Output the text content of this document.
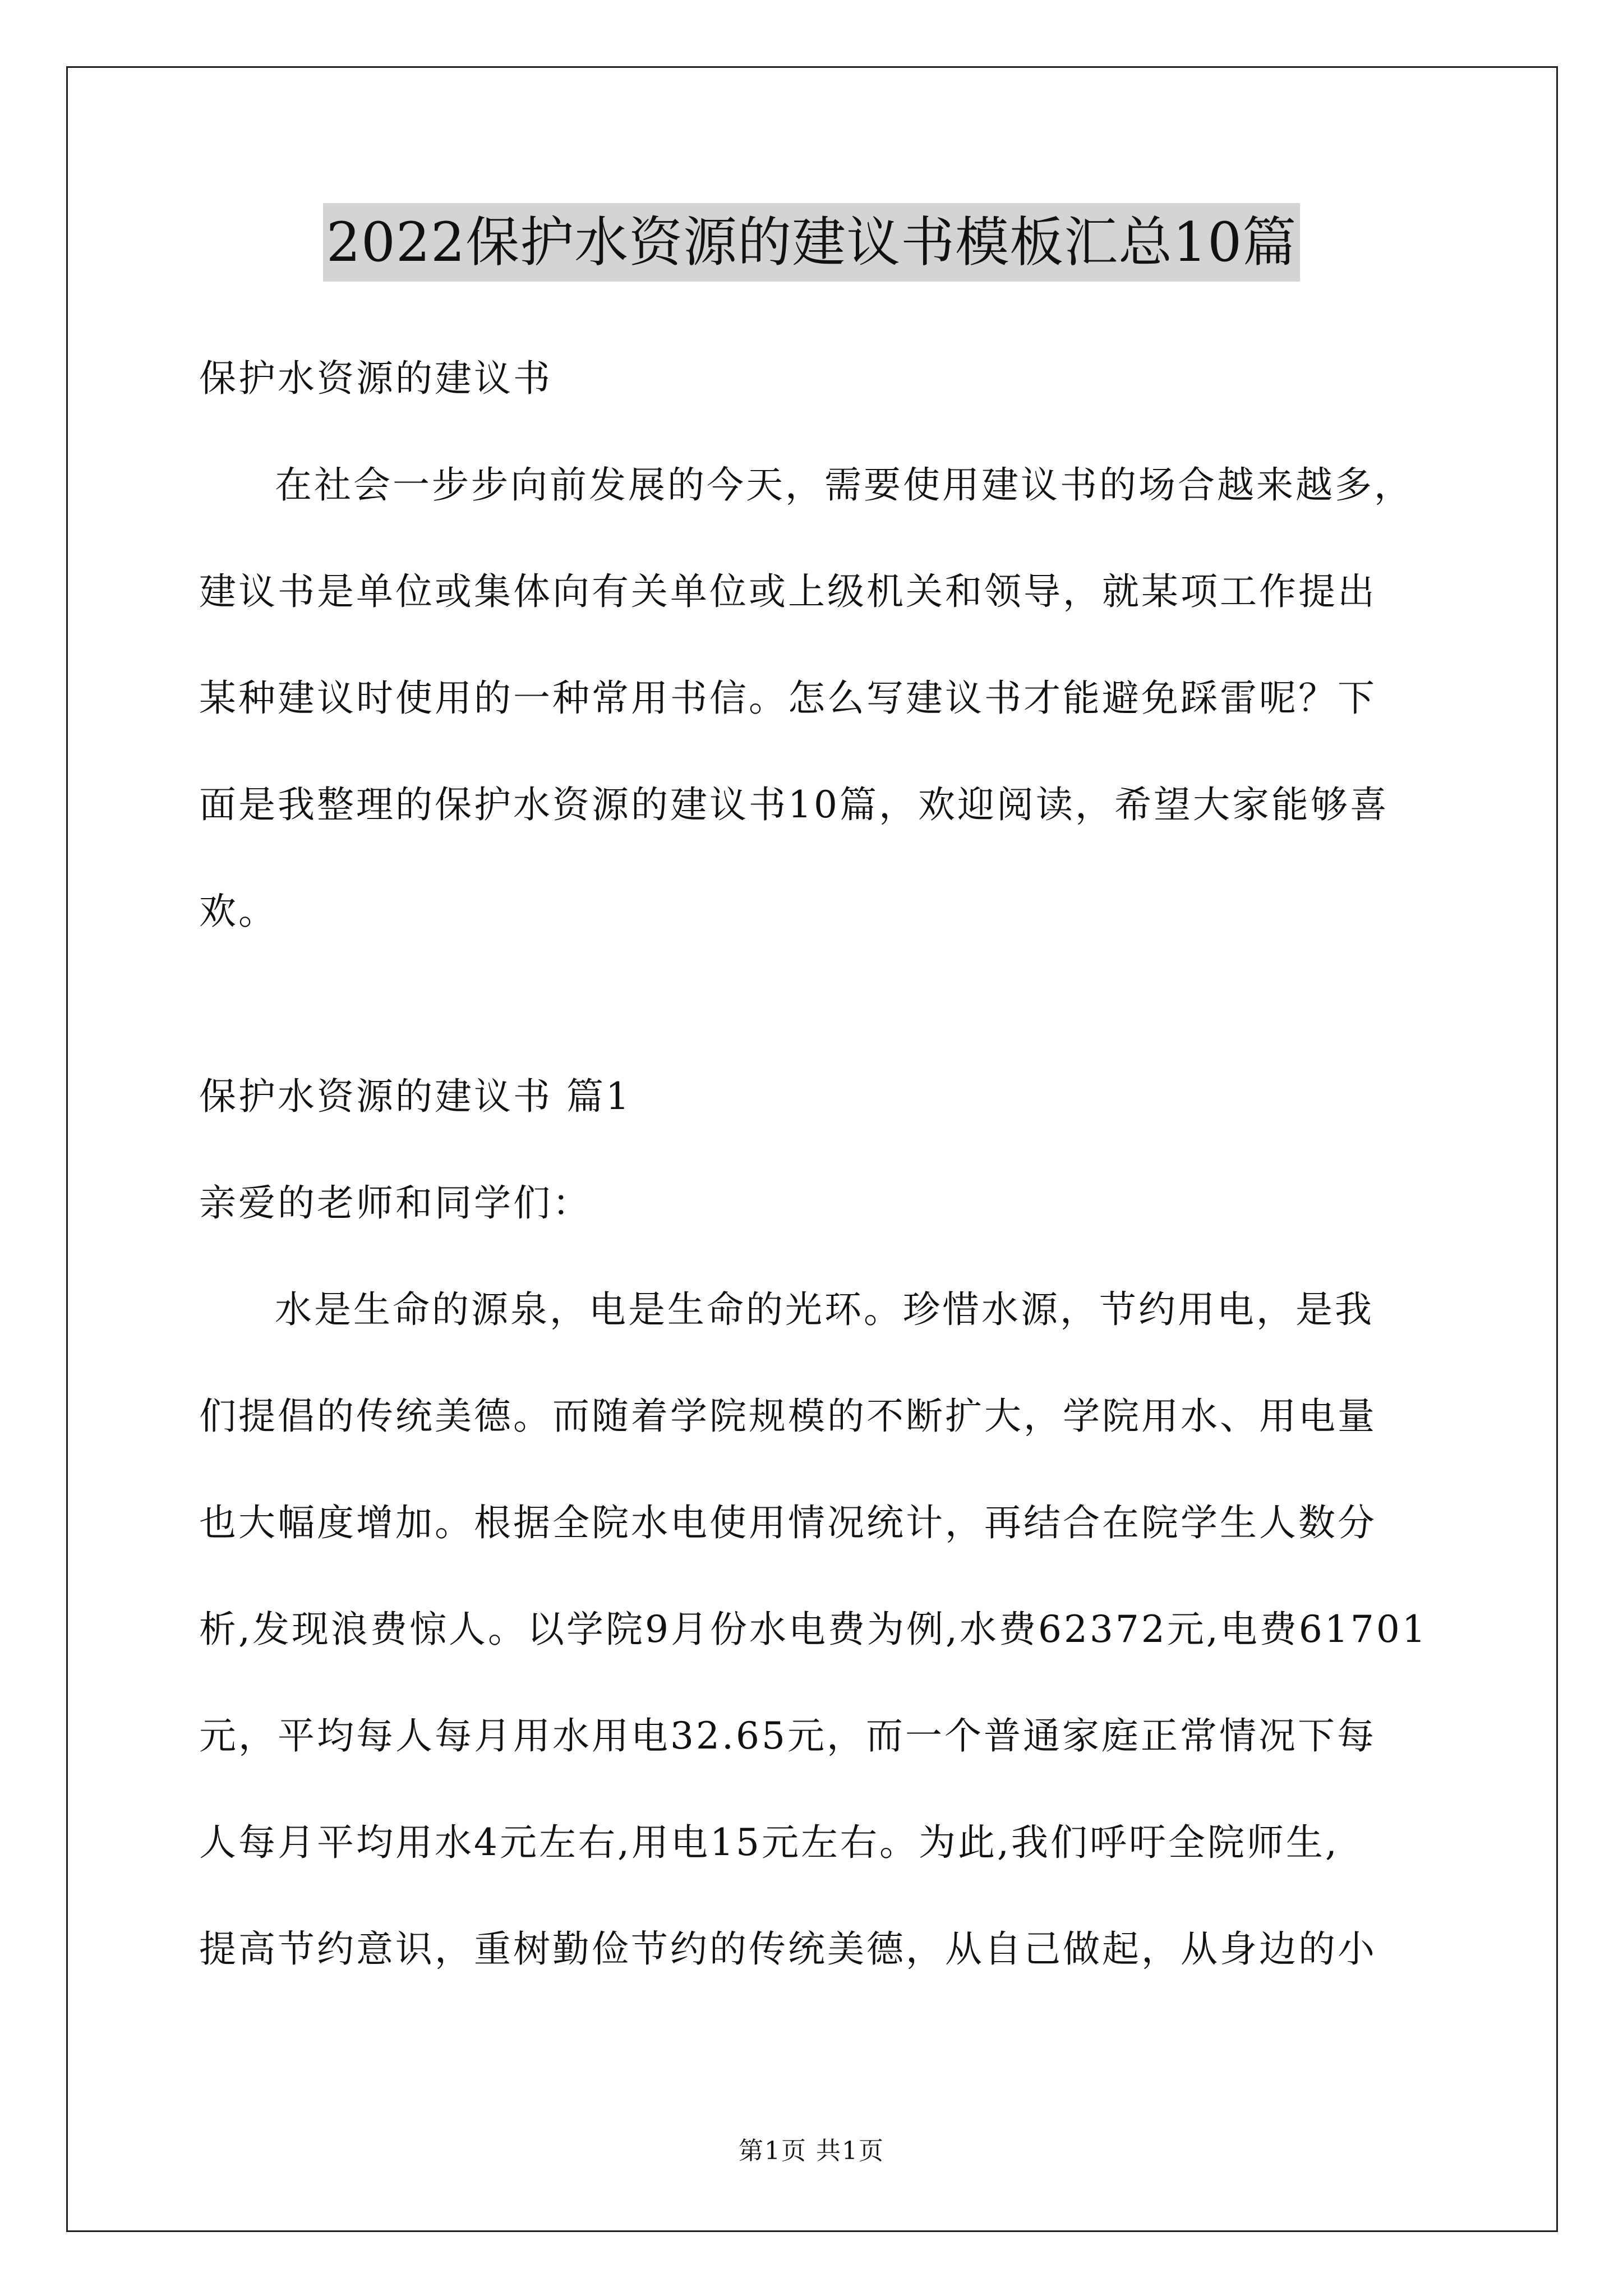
2022保护水资源的建议书模板汇总10篇
保护水资源的建议书
在社会一步步向前发展的今天，需要使用建议书的场合越来越多，
建议书是单位或集体向有关单位或上级机关和领导，就某项工作提出
某种建议时使用的一种常用书信。怎么写建议书才能避免踩雷呢？下
面是我整理的保护水资源的建议书10篇，欢迎阅读，希望大家能够喜
欢。
保护水资源的建议书 篇1
亲爱的老师和同学们：
水是生命的源泉，电是生命的光环。珍惜水源，节约用电，是我
们提倡的传统美德。而随着学院规模的不断扩大，学院用水、用电量
也大幅度增加。根据全院水电使用情况统计，再结合在院学生人数分
析,发现浪费惊人。以学院9月份水电费为例,水费62372元,电费61701
元，平均每人每月用水用电32.65元，而一个普通家庭正常情况下每
人每月平均用水4元左右,用电15元左右。为此,我们呼吁全院师生,
提高节约意识，重树勤俭节约的传统美德，从自己做起，从身边的小
第1页 共1页
